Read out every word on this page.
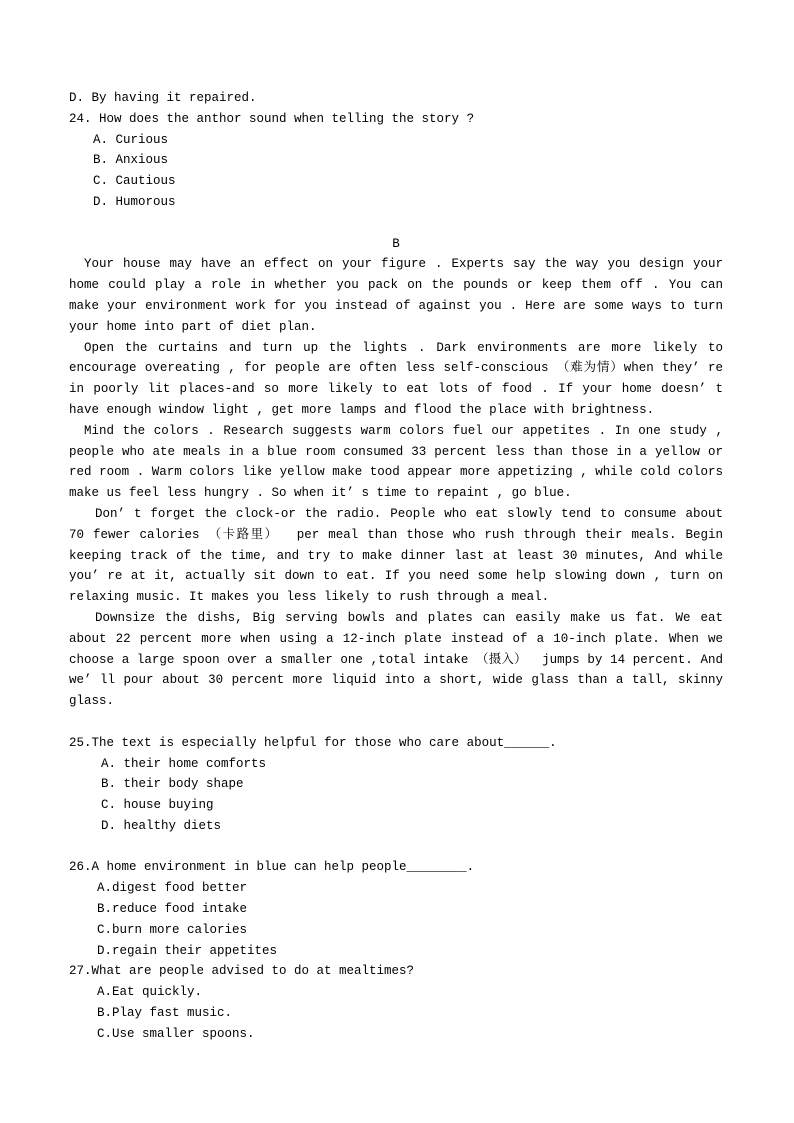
D. By having it repaired.
24. How does the anthor sound when telling the story ?
A. Curious
B. Anxious
C. Cautious
D. Humorous
B

Your house may have an effect on your figure . Experts say the way you design your home could play a role in whether you pack on the pounds or keep them off . You can make your environment work for you instead of against you . Here are some ways to turn your home into part of diet plan.

Open the curtains and turn up the lights . Dark environments are more likely to encourage overeating , for people are often less self-conscious （难为情）when they’ re in poorly lit places-and so more likely to eat lots of food . If your home doesn’ t have enough window light , get more lamps and flood the place with brightness.

Mind the colors . Research suggests warm colors fuel our appetites . In one study , people who ate meals in a blue room consumed 33 percent less than those in a yellow or red room . Warm colors like yellow make tood appear more appetizing , while cold colors make us feel less hungry . So when it’ s time to repaint , go blue.

Don’ t forget the clock-or the radio. People who eat slowly tend to consume about 70 fewer calories （卡路里）  per meal than those who rush through their meals. Begin keeping track of the time, and try to make dinner last at least 30 minutes, And while you’ re at it, actually sit down to eat. If you need some help slowing down , turn on relaxing music. It makes you less likely to rush through a meal.

Downsize the dishs, Big serving bowls and plates can easily make us fat. We eat about 22 percent more when using a 12-inch plate instead of a 10-inch plate. When we choose a large spoon over a smaller one ,total intake （摄入）  jumps by 14 percent. And we’ ll pour about 30 percent more liquid into a short, wide glass than a tall, skinny glass.

25.The text is especially helpful for those who care about______.
A. their home comforts
B. their body shape
C. house buying
D. healthy diets
26.A home environment in blue can help people________.
A.digest food better
B.reduce food intake
C.burn more calories
D.regain their appetites
27.What are people advised to do at mealtimes?
A.Eat quickly.
B.Play fast music.
C.Use smaller spoons.
